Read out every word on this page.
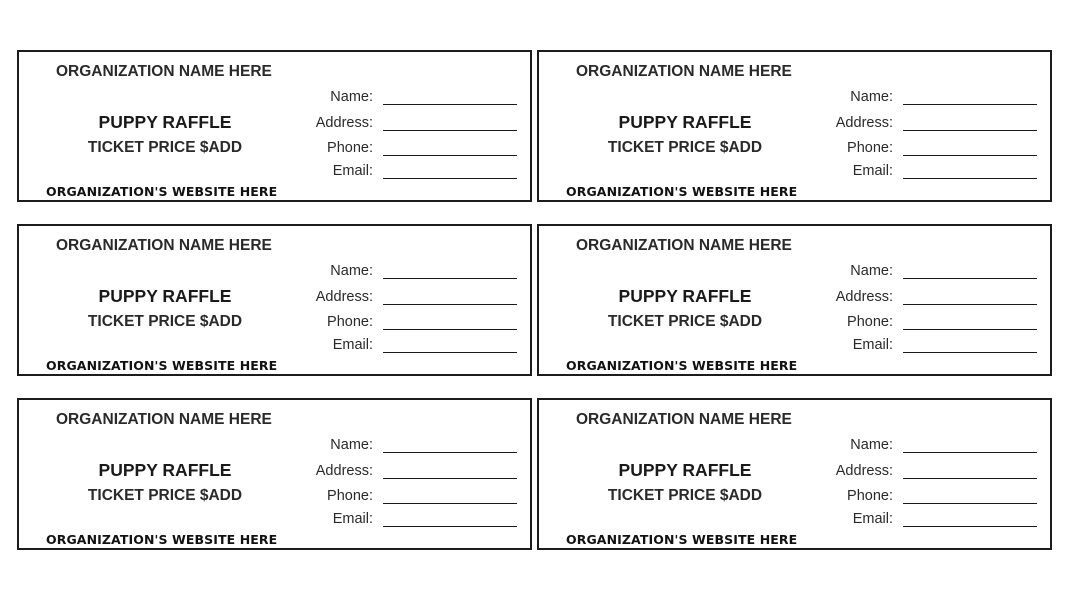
ORGANIZATION NAME HERE
PUPPY RAFFLE
TICKET PRICE $ADD
ORGANIZATION'S WEBSITE HERE
Name:
Address:
Phone:
Email:
ORGANIZATION NAME HERE
PUPPY RAFFLE
TICKET PRICE $ADD
ORGANIZATION'S WEBSITE HERE
Name:
Address:
Phone:
Email:
ORGANIZATION NAME HERE
PUPPY RAFFLE
TICKET PRICE $ADD
ORGANIZATION'S WEBSITE HERE
Name:
Address:
Phone:
Email:
ORGANIZATION NAME HERE
PUPPY RAFFLE
TICKET PRICE $ADD
ORGANIZATION'S WEBSITE HERE
Name:
Address:
Phone:
Email:
ORGANIZATION NAME HERE
PUPPY RAFFLE
TICKET PRICE $ADD
ORGANIZATION'S WEBSITE HERE
Name:
Address:
Phone:
Email:
ORGANIZATION NAME HERE
PUPPY RAFFLE
TICKET PRICE $ADD
ORGANIZATION'S WEBSITE HERE
Name:
Address:
Phone:
Email:
